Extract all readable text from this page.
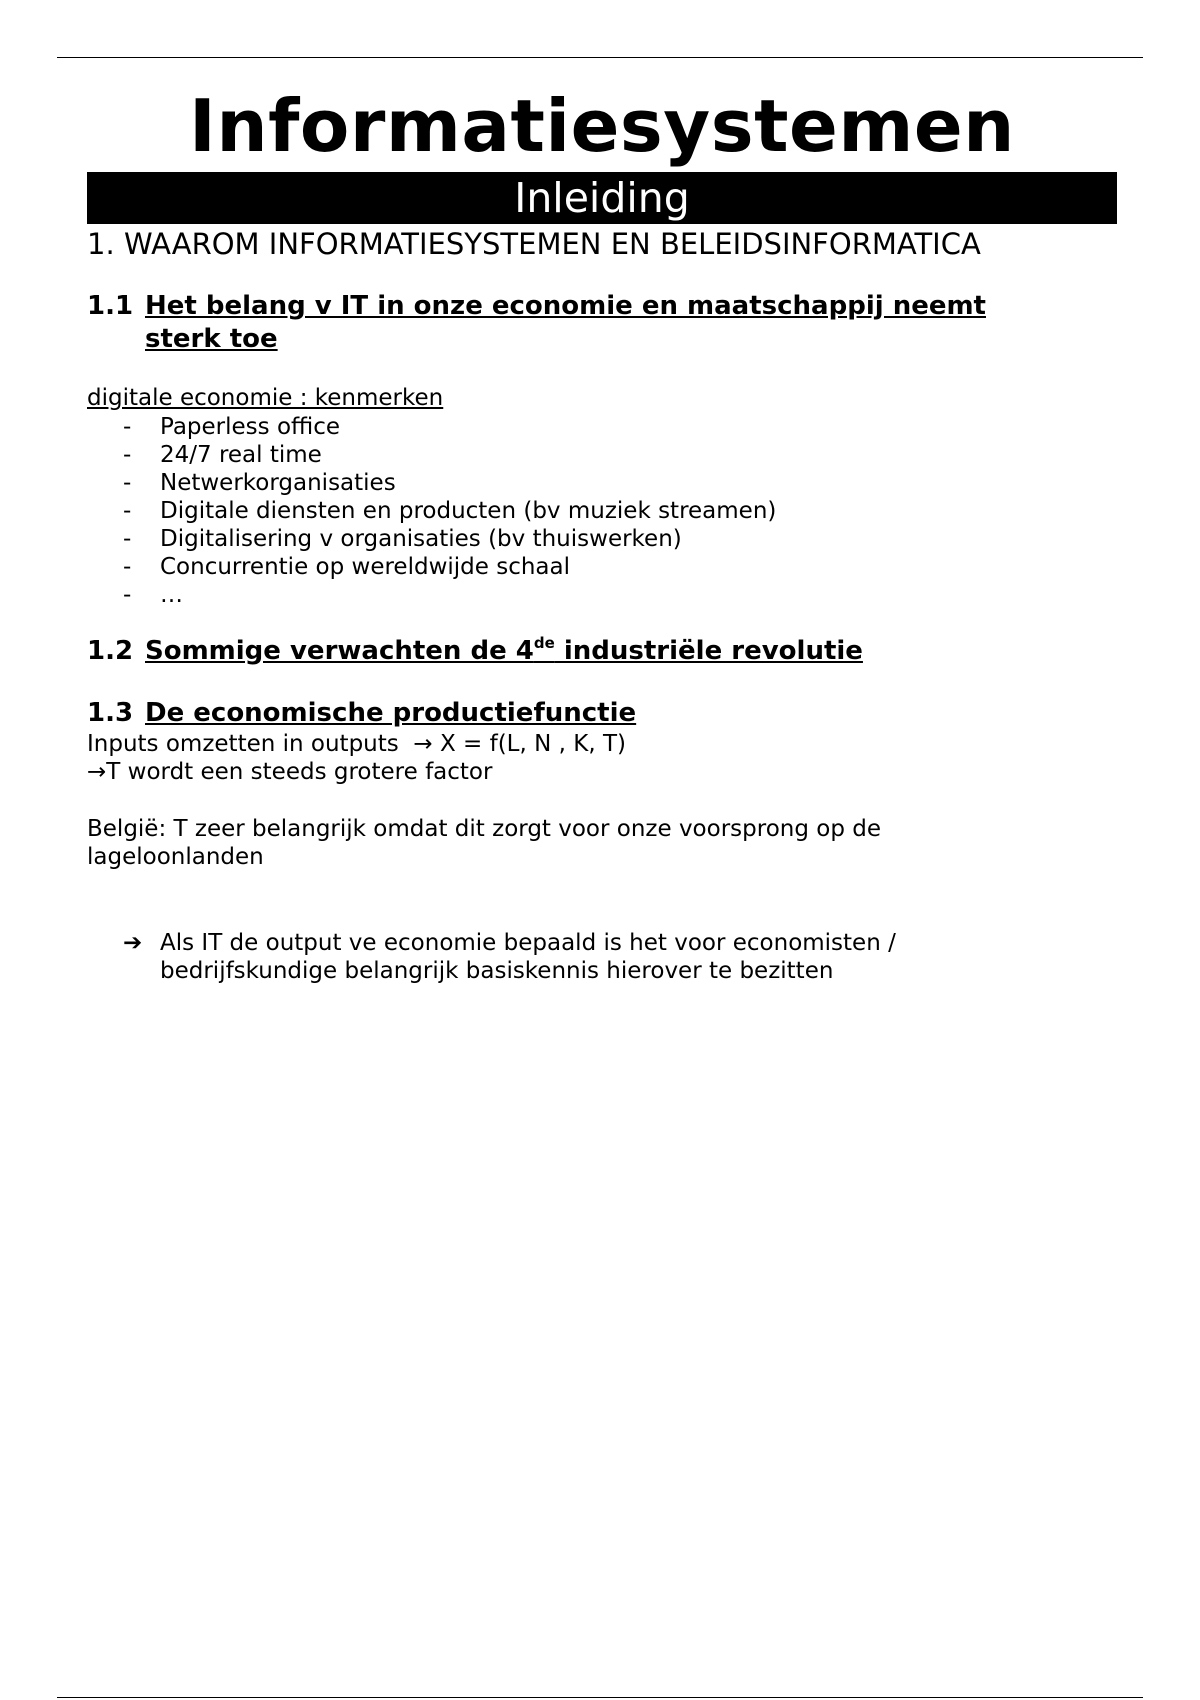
Informatiesystemen
Inleiding
1. WAAROM INFORMATIESYSTEMEN EN BELEIDSINFORMATICA
1.1 Het belang v IT in onze economie en maatschappij neemt
sterk toe

digitale economie : kenmerken

-	Paperless office
-	24/7 real time
-	Netwerkorganisaties
-	Digitale diensten en producten (bv muziek streamen)
-	Digitalisering v organisaties (bv thuiswerken)
-	Concurrentie op wereldwijde schaal
-	…
1.2 Sommige verwachten de 4de industriële revolutie
1.3 De economische productiefunctie

Inputs omzetten in outputs  → X = f(L, N , K, T)

→T wordt een steeds grotere factor

België: T zeer belangrijk omdat dit zorgt voor onze voorsprong op de

lageloonlanden

➔ Als IT de output ve economie bepaald is het voor economisten /
bedrijfskundige belangrijk basiskennis hierover te bezitten
